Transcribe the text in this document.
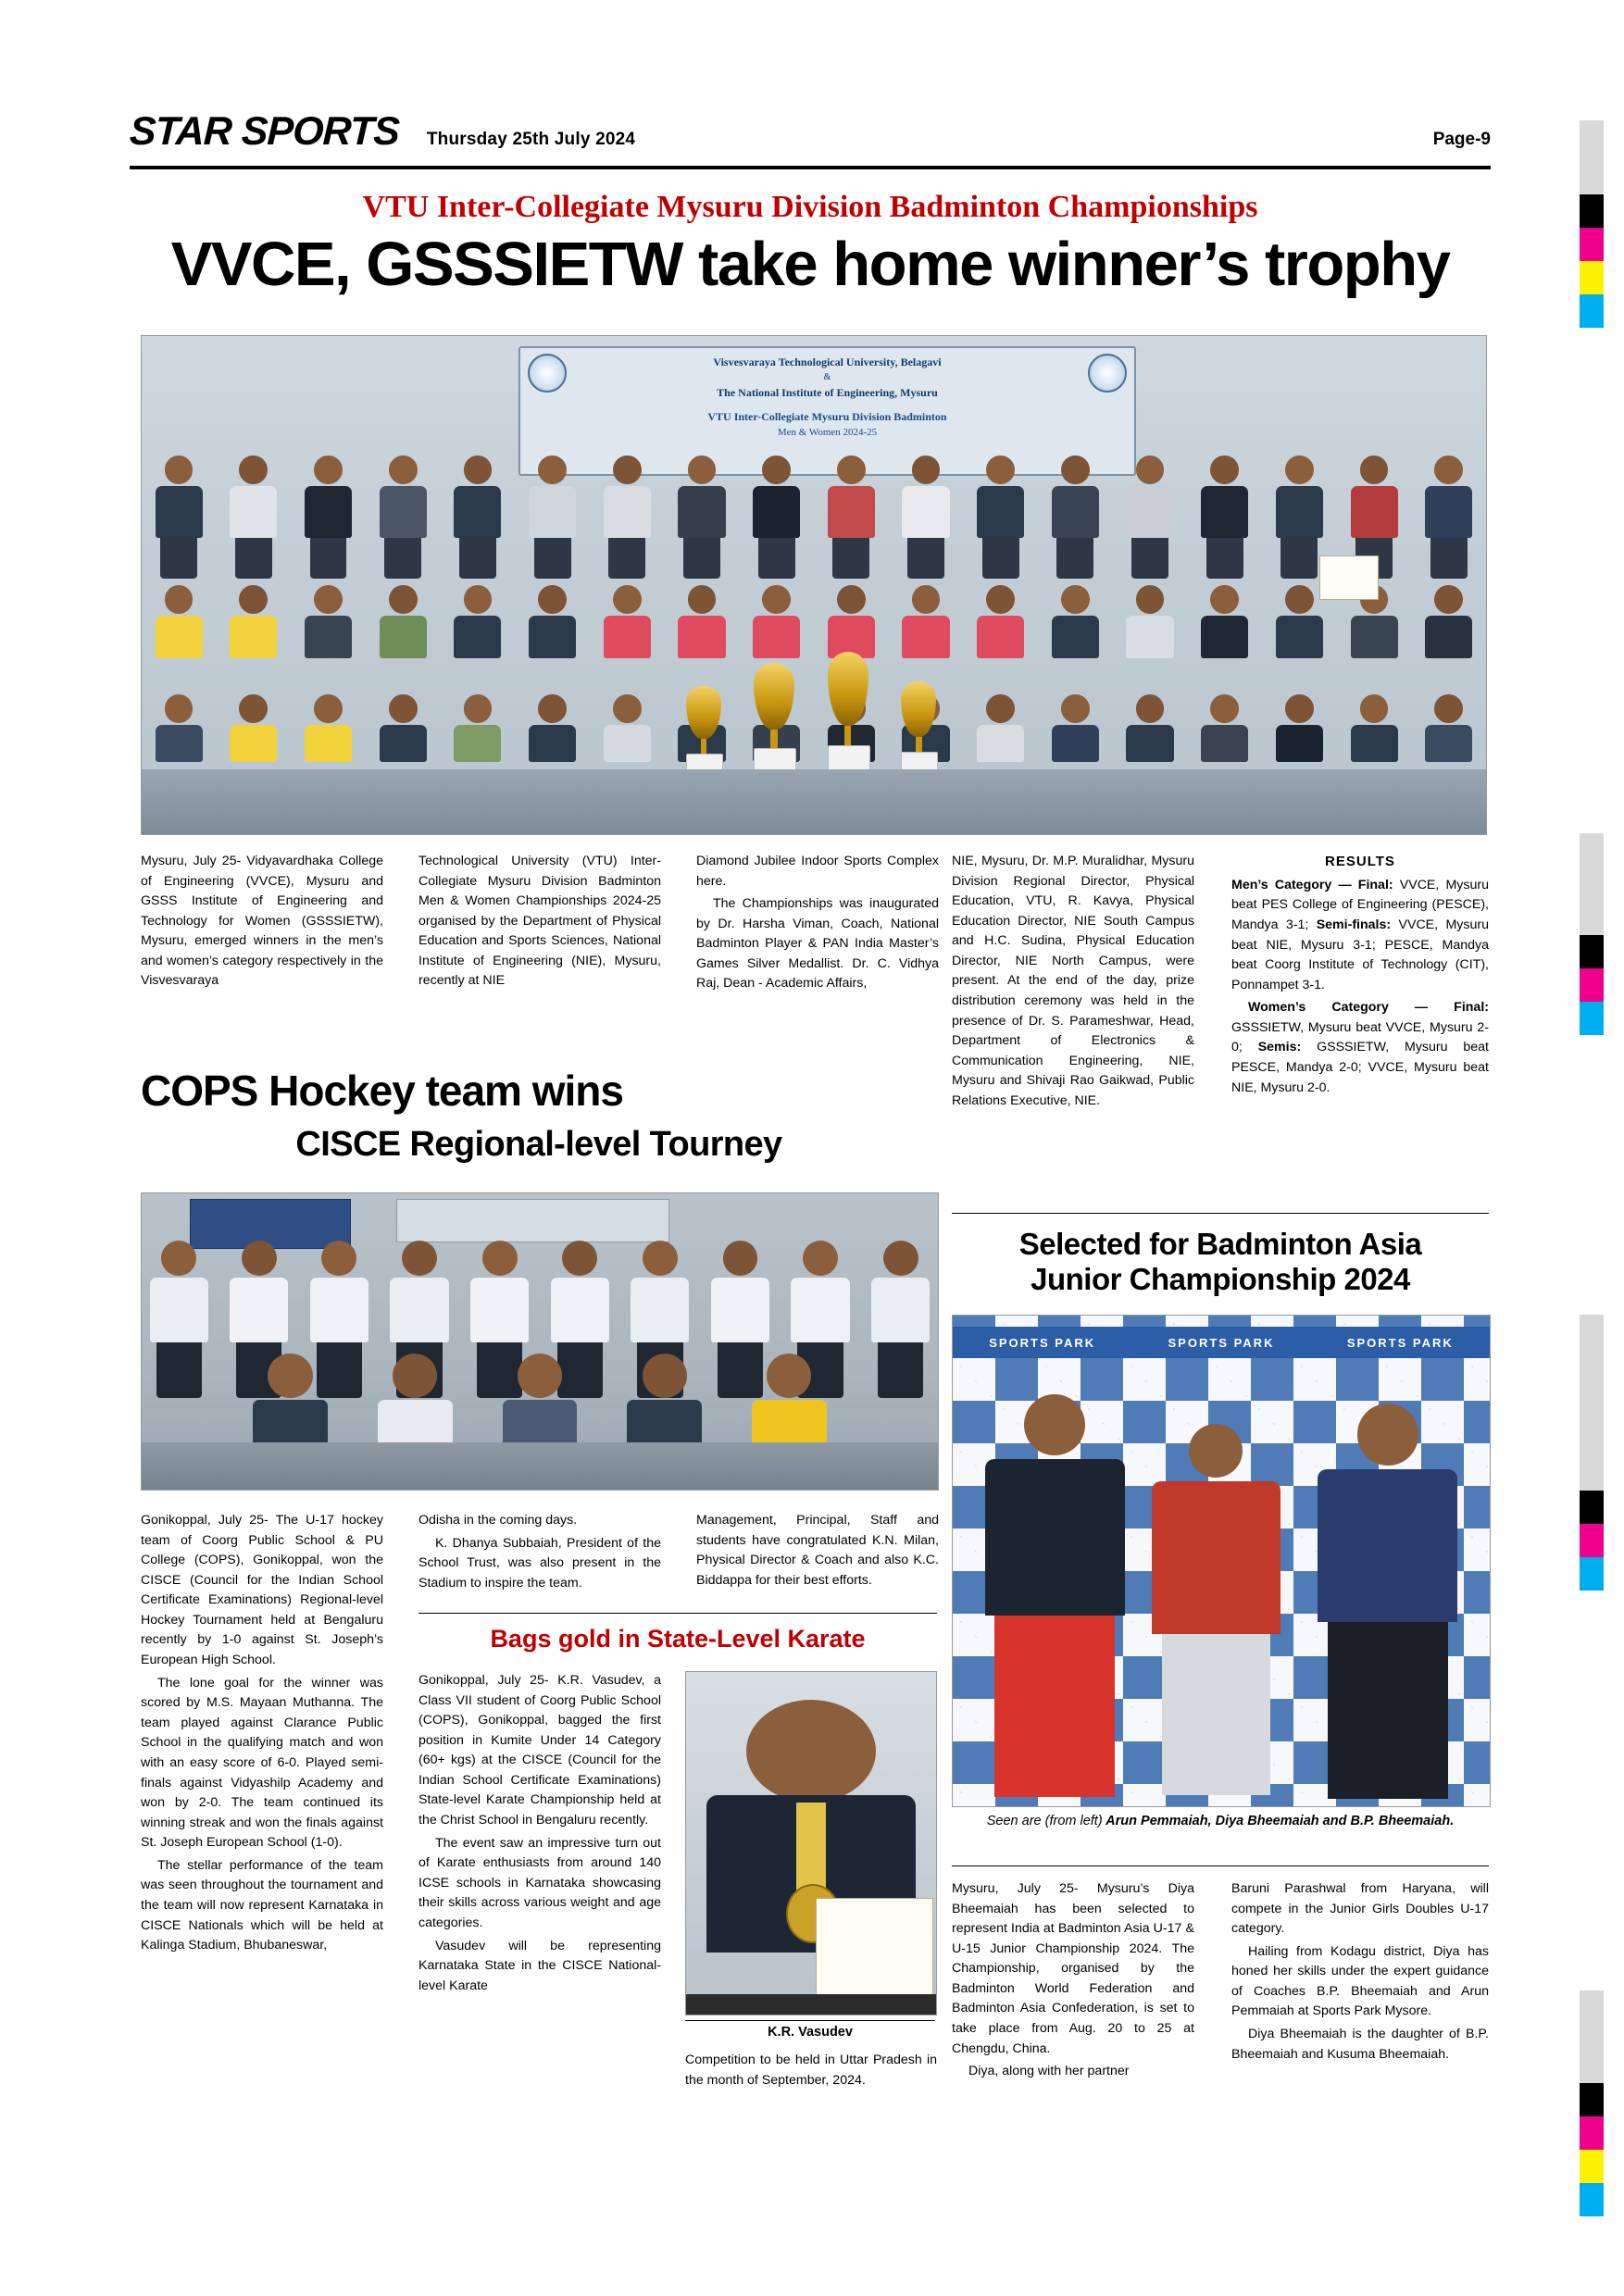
STAR SPORTS Thursday 25th July 2024	Page-9
VTU Inter-Collegiate Mysuru Division Badminton Championships
VVCE, GSSSIETW take home winner’s trophy
Visvesvaraya Technological University, Belagavi
&
The National Institute of Engineering, Mysuru
VTU Inter-Collegiate Mysuru Division Badminton
Men & Women 2024-25

Mysuru, July 25- Vidyavardhaka College of Engineering (VVCE), Mysuru and GSSS Institute of Engineering and Technology for Women (GSSSIETW), Mysuru, emerged winners in the men’s and women’s category respectively in the Visvesvaraya

Technological University (VTU) Inter-Collegiate Mysuru Division Badminton Men & Women Championships 2024-25 organised by the Department of Physical Education and Sports Sciences, National Institute of Engineering (NIE), Mysuru, recently at NIE

Diamond Jubilee Indoor Sports Complex here.

The Championships was inaugurated by Dr. Harsha Viman, Coach, National Badminton Player & PAN India Master’s Games Silver Medallist. Dr. C. Vidhya Raj, Dean - Academic Affairs,

NIE, Mysuru, Dr. M.P. Muralidhar, Mysuru Division Regional Director, Physical Education, VTU, R. Kavya, Physical Education Director, NIE South Campus and H.C. Sudina, Physical Education Director, NIE North Campus, were present. At the end of the day, prize distribution ceremony was held in the presence of Dr. S. Parameshwar, Head, Department of Electronics & Communication Engineering, NIE, Mysuru and Shivaji Rao Gaikwad, Public Relations Executive, NIE.

RESULTS

Men’s Category — Final: VVCE, Mysuru beat PES College of Engineering (PESCE), Mandya 3-1; Semi-finals: VVCE, Mysuru beat NIE, Mysuru 3-1; PESCE, Mandya beat Coorg Institute of Technology (CIT), Ponnampet 3-1.

Women’s Category — Final: GSSSIETW, Mysuru beat VVCE, Mysuru 2-0; Semis: GSSSIETW, Mysuru beat PESCE, Mandya 2-0; VVCE, Mysuru beat NIE, Mysuru 2-0.

COPS Hockey team wins
CISCE Regional-level Tourney

Gonikoppal, July 25- The U-17 hockey team of Coorg Public School & PU College (COPS), Gonikoppal, won the CISCE (Council for the Indian School Certificate Examinations) Regional-level Hockey Tournament held at Bengaluru recently by 1-0 against St. Joseph’s European High School.

The lone goal for the winner was scored by M.S. Mayaan Muthanna. The team played against Clarance Public School in the qualifying match and won with an easy score of 6-0. Played semi-finals against Vidyashilp Academy and won by 2-0. The team continued its winning streak and won the finals against St. Joseph European School (1-0).

The stellar performance of the team was seen throughout the tournament and the team will now represent Karnataka in CISCE Nationals which will be held at Kalinga Stadium, Bhubaneswar,

Odisha in the coming days.

K. Dhanya Subbaiah, President of the School Trust, was also present in the Stadium to inspire the team.

Management, Principal, Staff and students have congratulated K.N. Milan, Physical Director & Coach and also K.C. Biddappa for their best efforts.

Bags gold in State-Level Karate
K.R. Vasudev

Gonikoppal, July 25- K.R. Vasudev, a Class VII student of Coorg Public School (COPS), Gonikoppal, bagged the first position in Kumite Under 14 Category (60+ kgs) at the CISCE (Council for the Indian School Certificate Examinations) State-level Karate Championship held at the Christ School in Bengaluru recently.

The event saw an impressive turn out of Karate enthusiasts from around 140 ICSE schools in Karnataka showcasing their skills across various weight and age categories.

Vasudev will be representing Karnataka State in the CISCE National-level Karate

Competition to be held in Uttar Pradesh in the month of September, 2024.

Selected for Badminton Asia
Junior Championship 2024
SPORTS PARK	SPORTS PARK	SPORTS PARK
Seen are (from left) Arun Pemmaiah, Diya Bheemaiah and B.P. Bheemaiah.

Mysuru, July 25- Mysuru’s Diya Bheemaiah has been selected to represent India at Badminton Asia U-17 & U-15 Junior Championship 2024. The Championship, organised by the Badminton World Federation and Badminton Asia Confederation, is set to take place from Aug. 20 to 25 at Chengdu, China.

Diya, along with her partner

Baruni Parashwal from Haryana, will compete in the Junior Girls Doubles U-17 category.

Hailing from Kodagu district, Diya has honed her skills under the expert guidance of Coaches B.P. Bheemaiah and Arun Pemmaiah at Sports Park Mysore.

Diya Bheemaiah is the daughter of B.P. Bheemaiah and Kusuma Bheemaiah.
